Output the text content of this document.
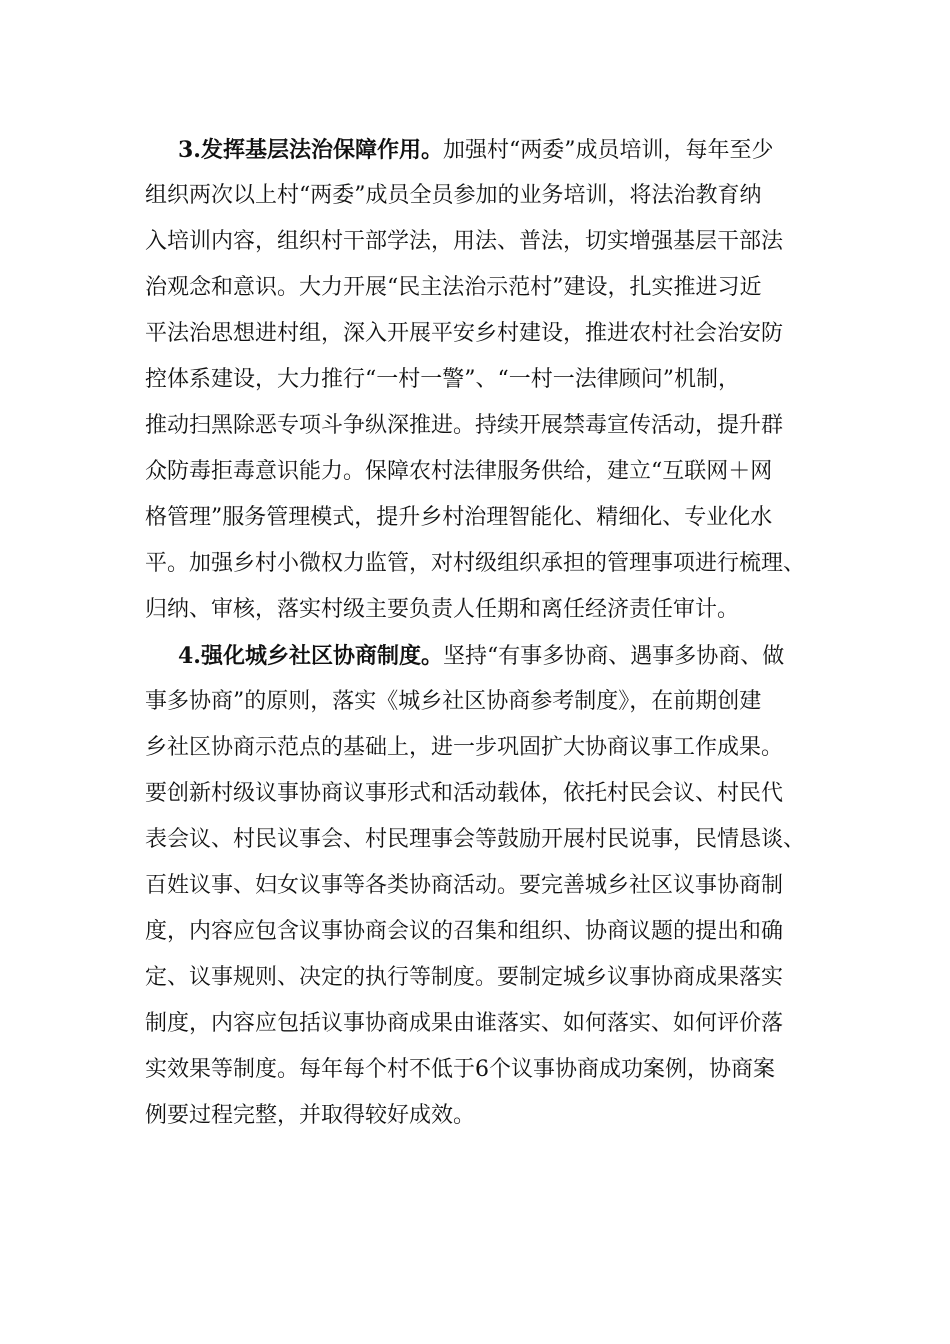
3.发挥基层法治保障作用。加强村“两委”成员培训，每年至少
组织两次以上村“两委”成员全员参加的业务培训，将法治教育纳
入培训内容，组织村干部学法，用法、普法，切实增强基层干部法
治观念和意识。大力开展“民主法治示范村”建设，扎实推进习近
平法治思想进村组，深入开展平安乡村建设，推进农村社会治安防
控体系建设，大力推行“一村一警”、“一村一法律顾问”机制，
推动扫黑除恶专项斗争纵深推进。持续开展禁毒宣传活动，提升群
众防毒拒毒意识能力。保障农村法律服务供给，建立“互联网＋网
格管理”服务管理模式，提升乡村治理智能化、精细化、专业化水
平。加强乡村小微权力监管，对村级组织承担的管理事项进行梳理、
归纳、审核，落实村级主要负责人任期和离任经济责任审计。
4.强化城乡社区协商制度。坚持“有事多协商、遇事多协商、做
事多协商”的原则，落实《城乡社区协商参考制度》，在前期创建
乡社区协商示范点的基础上，进一步巩固扩大协商议事工作成果。
要创新村级议事协商议事形式和活动载体，依托村民会议、村民代
表会议、村民议事会、村民理事会等鼓励开展村民说事，民情恳谈、
百姓议事、妇女议事等各类协商活动。要完善城乡社区议事协商制
度，内容应包含议事协商会议的召集和组织、协商议题的提出和确
定、议事规则、决定的执行等制度。要制定城乡议事协商成果落实
制度，内容应包括议事协商成果由谁落实、如何落实、如何评价落
实效果等制度。每年每个村不低于6个议事协商成功案例，协商案
例要过程完整，并取得较好成效。
